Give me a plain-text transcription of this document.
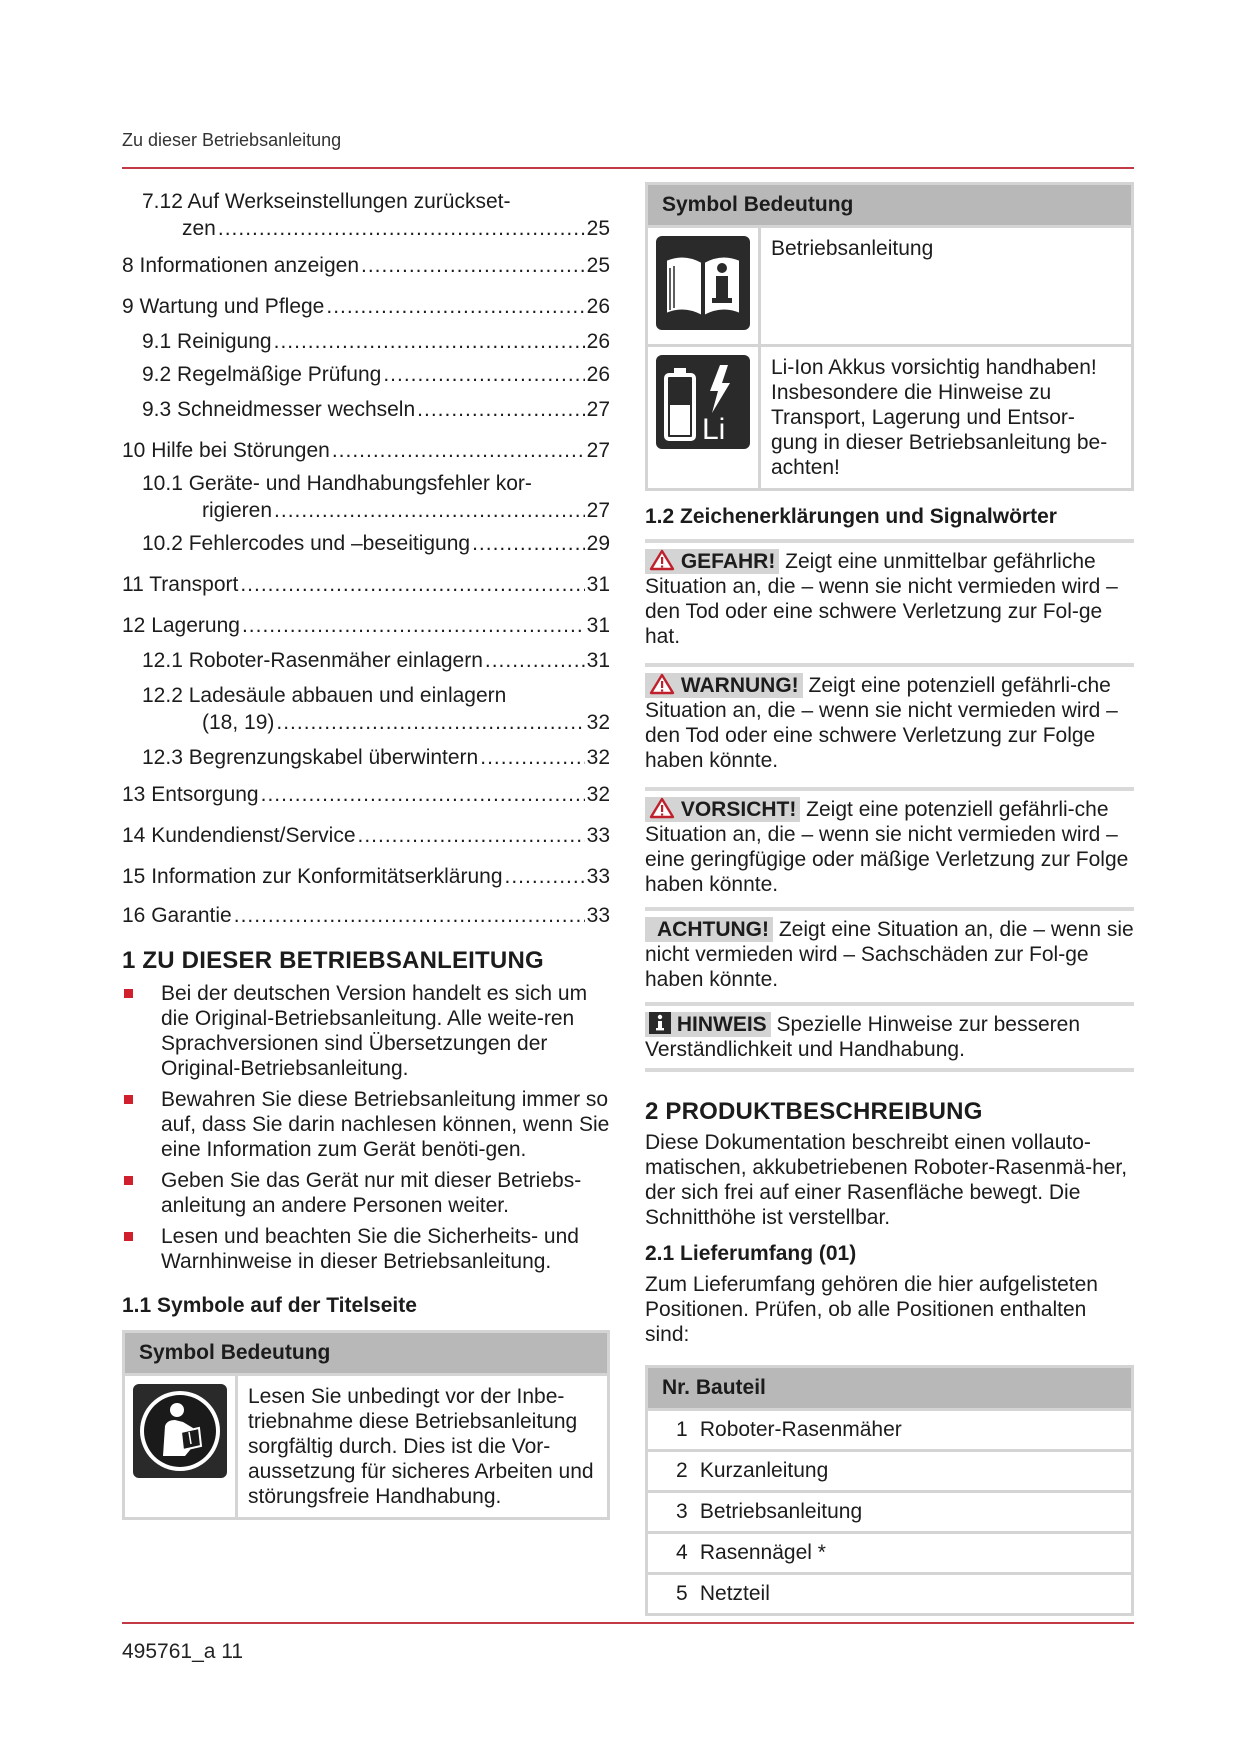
Zu dieser Betriebsanleitung
7.12 Auf Werkseinstellungen zurückset-
zen .....	25
8 Informationen anzeigen .....	25
9 Wartung und Pflege .....	26
9.1 Reinigung .....	26
9.2 Regelmäßige Prüfung .....	26
9.3 Schneidmesser wechseln .....	27
10 Hilfe bei Störungen .....	27
10.1 Geräte- und Handhabungsfehler kor-
rigieren .....	27
10.2 Fehlercodes und –beseitigung .....	29
11 Transport .....	31
12 Lagerung .....	31
12.1 Roboter-Rasenmäher einlagern .....	31
12.2 Ladesäule abbauen und einlagern
(18, 19) .....	32
12.3 Begrenzungskabel überwintern .....	32
13 Entsorgung .....	32
14 Kundendienst/Service .....	33
15 Information zur Konformitätserklärung .....	33
16 Garantie .....	33
1 ZU DIESER BETRIEBSANLEITUNG
Bei der deutschen Version handelt es sich um die Original-Betriebsanleitung. Alle weite-ren Sprachversionen sind Übersetzungen der Original-Betriebsanleitung.
Bewahren Sie diese Betriebsanleitung immer so auf, dass Sie darin nachlesen können, wenn Sie eine Information zum Gerät benöti-gen.
Geben Sie das Gerät nur mit dieser Betriebs-anleitung an andere Personen weiter.
Lesen und beachten Sie die Sicherheits- und Warnhinweise in dieser Betriebsanleitung.
1.1 Symbole auf der Titelseite
Symbol Bedeutung
	Lesen Sie unbedingt vor der Inbe-triebnahme diese Betriebsanleitung sorgfältig durch. Dies ist die Vor-aussetzung für sicheres Arbeiten und störungsfreie Handhabung.
Symbol Bedeutung	
	Betriebsanleitung

Li	Li-Ion Akkus vorsichtig handhaben! Insbesondere die Hinweise zu Transport, Lagerung und Entsor-gung in dieser Betriebsanleitung be-achten!
1.2 Zeichenerklärungen und Signalwörter
GEFAHR! Zeigt eine unmittelbar gefährliche Situation an, die – wenn sie nicht vermieden wird – den Tod oder eine schwere Verletzung zur Fol-ge hat.
WARNUNG! Zeigt eine potenziell gefährli-che Situation an, die – wenn sie nicht vermieden wird – den Tod oder eine schwere Verletzung zur Folge haben könnte.
VORSICHT! Zeigt eine potenziell gefährli-che Situation an, die – wenn sie nicht vermieden wird – eine geringfügige oder mäßige Verletzung zur Folge haben könnte.
ACHTUNG! Zeigt eine Situation an, die – wenn sie nicht vermieden wird – Sachschäden zur Fol-ge haben könnte.
HINWEIS Spezielle Hinweise zur besseren Verständlichkeit und Handhabung.
2 PRODUKTBESCHREIBUNG
Diese Dokumentation beschreibt einen vollauto-matischen, akkubetriebenen Roboter-Rasenmä-her, der sich frei auf einer Rasenfläche bewegt. Die Schnitthöhe ist verstellbar.
2.1 Lieferumfang (01)
Zum Lieferumfang gehören die hier aufgelisteten Positionen. Prüfen, ob alle Positionen enthalten sind:
Nr. Bauteil
1 Roboter-Rasenmäher
2 Kurzanleitung
3 Betriebsanleitung
4 Rasennägel *
5 Netzteil
495761_a 11
